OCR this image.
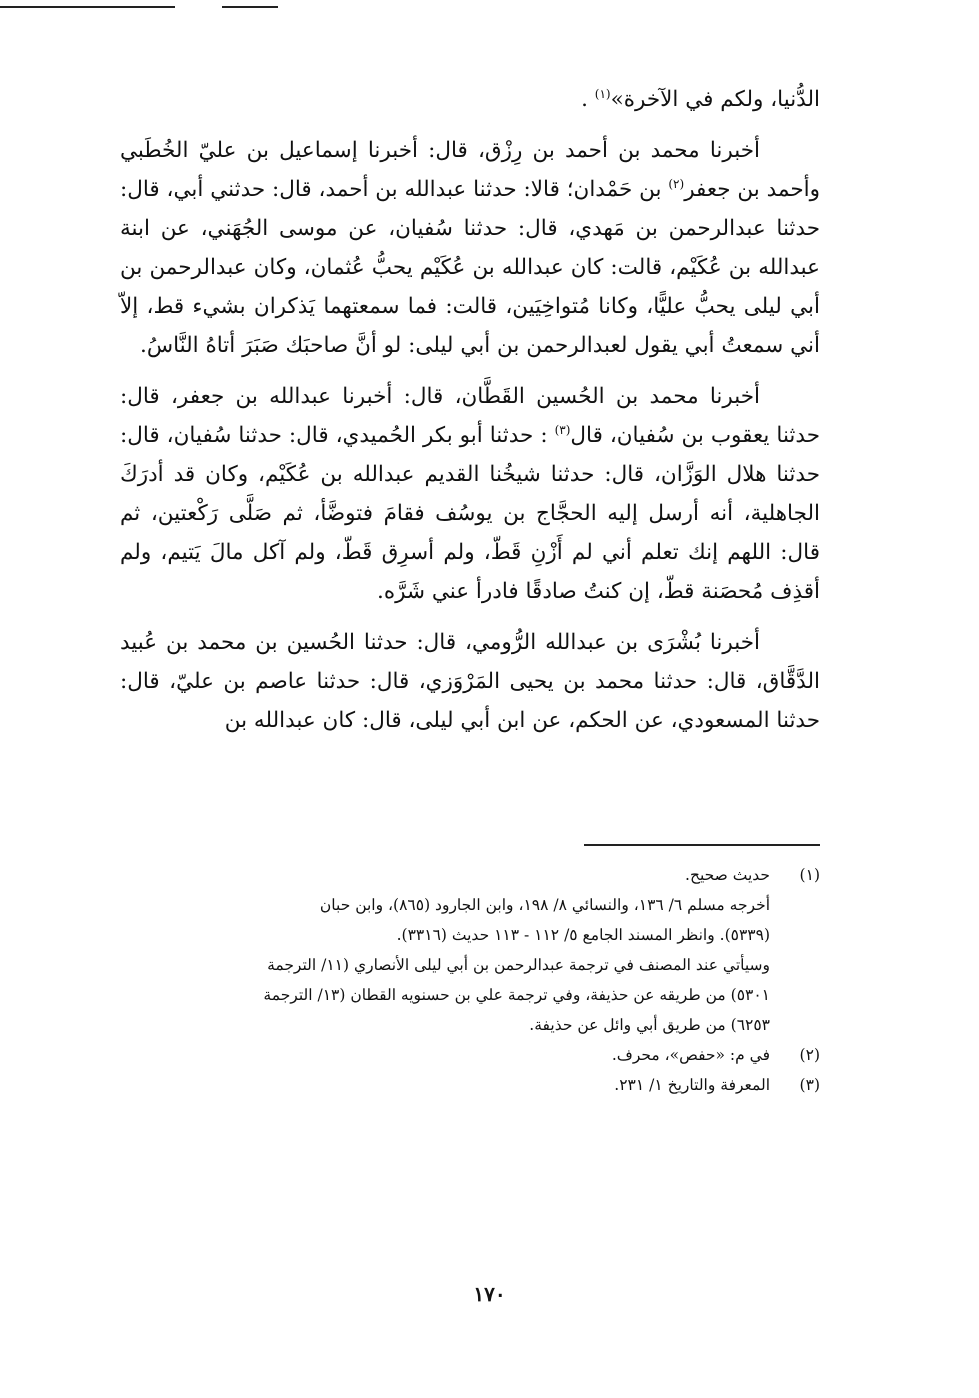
الدُّنيا، ولكم في الآخرة»$^{(١)}$ .

أخبرنا محمد بن أحمد بن رِزْق، قال: أخبرنا إسماعيل بن عليّ الخُطَبي وأحمد بن جعفر$^{(٢)}$ بن حَمْدان؛ قالا: حدثنا عبدالله بن أحمد، قال: حدثني أبي، قال: حدثنا عبدالرحمن بن مَهدي، قال: حدثنا سُفيان، عن موسى الجُهَني، عن ابنة عبدالله بن عُكَيْم، قالت: كان عبدالله بن عُكَيْم يحبُّ عُثمان، وكان عبدالرحمن بن أبي ليلى يحبُّ عليًّا، وكانا مُتواخِيَين، قالت: فما سمعتهما يَذكران بشيء قط، إلاّ أني سمعتُ أبي يقول لعبدالرحمن بن أبي ليلى: لو أنَّ صاحبَك صَبَرَ أتاهُ النَّاسُ.

أخبرنا محمد بن الحُسين القَطَّان، قال: أخبرنا عبدالله بن جعفر، قال: حدثنا يعقوب بن سُفيان، قال$^{(٣)}$ : حدثنا أبو بكر الحُميدي، قال: حدثنا سُفيان، قال: حدثنا هلال الوَزَّان، قال: حدثنا شيخُنا القديم عبدالله بن عُكَيْم، وكان قد أدرَكَ الجاهلية، أنه أرسل إليه الحجَّاج بن يوسُف فقامَ فتوضَّأ، ثم صَلَّى رَكْعتين، ثم قال: اللهم إنك تعلم أني لم أَزْنِ قَطّ، ولم أسرِق قَطّ، ولم آكل مالَ يَتيم، ولم أقذِف مُحصَنة قطّ، إن كنتُ صادقًا فادرأ عني شَرَّه.

أخبرنا بُشْرَى بن عبدالله الرُّومي، قال: حدثنا الحُسين بن محمد بن عُبيد الدَّقَّاق، قال: حدثنا محمد بن يحيى المَرْوَزي، قال: حدثنا عاصم بن عليّ، قال: حدثنا المسعودي، عن الحكم، عن ابن أبي ليلى، قال: كان عبدالله بن

(١)
حديث صحيح.
أخرجه مسلم ٦/ ١٣٦، والنسائي ٨/ ١٩٨، وابن الجارود (٨٦٥)، وابن حبان
(٥٣٣٩). وانظر المسند الجامع ٥/ ١١٢ - ١١٣ حديث (٣٣١٦).
وسيأتي عند المصنف في ترجمة عبدالرحمن بن أبي ليلى الأنصاري (١١/ الترجمة
٥٣٠١) من طريقه عن حذيفة، وفي ترجمة علي بن حسنويه القطان (١٣/ الترجمة
٦٢٥٣) من طريق أبي وائل عن حذيفة.
(٢)
في م: «حفص»، محرف.
(٣)
المعرفة والتاريخ ١/ ٢٣١.
١٧٠
